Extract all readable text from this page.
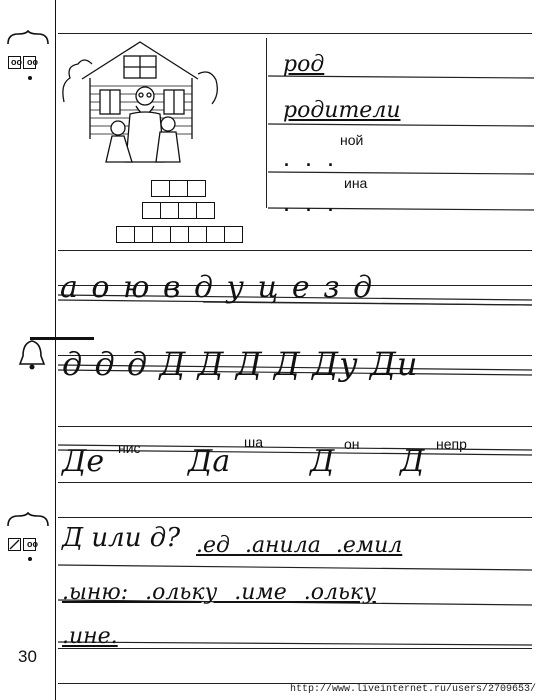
oo oo	род
родители
ной
. . .
ина
. . .
а о ю в д у ц е з д
д д д Д Д Д Д Ду Ди
Де нис Да
ша
Д он Д непр
oo Д или д? .ед .анила .емил
.ыню: .ольку .име .ольку
.ине.
30
http://www.liveinternet.ru/users/2709653/
